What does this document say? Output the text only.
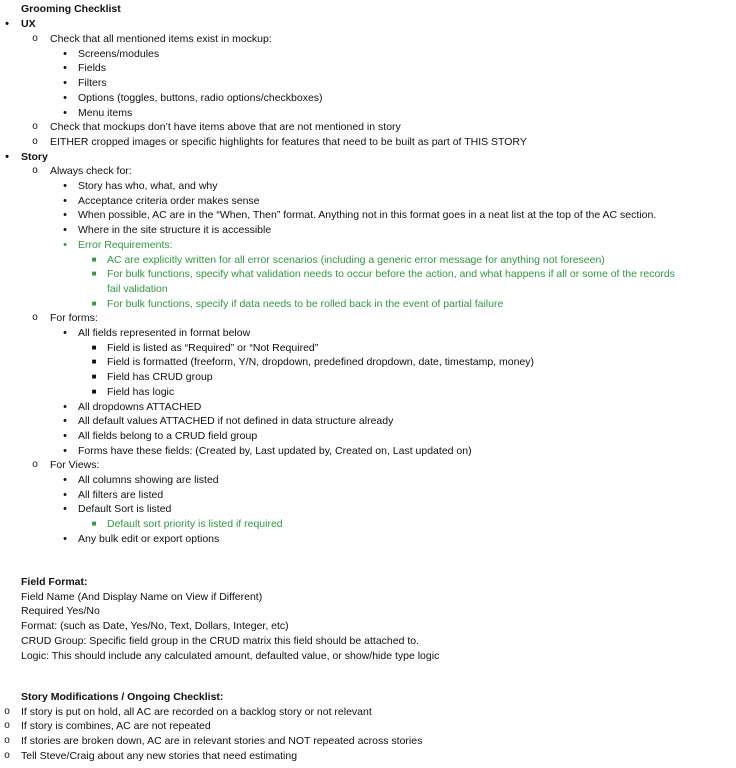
Grooming Checklist
•	UX
o	Check that all mentioned items exist in mockup:
•	Screens/modules
•	Fields
•	Filters
•	Options (toggles, buttons, radio options/checkboxes)
•	Menu items
o	Check that mockups don’t have items above that are not mentioned in story
o	EITHER cropped images or specific highlights for features that need to be built as part of THIS STORY
•	Story
o	Always check for:
•	Story has who, what, and why
•	Acceptance criteria order makes sense
•	When possible, AC are in the “When, Then” format. Anything not in this format goes in a neat list at the top of the AC section.
•	Where in the site structure it is accessible
•	Error Requirements:
■	AC are explicitly written for all error scenarios (including a generic error message for anything not foreseen)
■	For bulk functions, specify what validation needs to occur before the action, and what happens if all or some of the records
fail validation
■	For bulk functions, specify if data needs to be rolled back in the event of partial failure
o	For forms:
•	All fields represented in format below
■	Field is listed as “Required” or “Not Required”
■	Field is formatted (freeform, Y/N, dropdown, predefined dropdown, date, timestamp, money)
■	Field has CRUD group
■	Field has logic
•	All dropdowns ATTACHED
•	All default values ATTACHED if not defined in data structure already
•	All fields belong to a CRUD field group
•	Forms have these fields: (Created by, Last updated by, Created on, Last updated on)
o	For Views:
•	All columns showing are listed
•	All filters are listed
•	Default Sort is listed
■	Default sort priority is listed if required
•	Any bulk edit or export options
Field Format:
Field Name (And Display Name on View if Different)
Required Yes/No
Format: (such as Date, Yes/No, Text, Dollars, Integer, etc)
CRUD Group: Specific field group in the CRUD matrix this field should be attached to.
Logic: This should include any calculated amount, defaulted value, or show/hide type logic
Story Modifications / Ongoing Checklist:
o	If story is put on hold, all AC are recorded on a backlog story or not relevant
o	If story is combines, AC are not repeated
o	If stories are broken down, AC are in relevant stories and NOT repeated across stories
o	Tell Steve/Craig about any new stories that need estimating
